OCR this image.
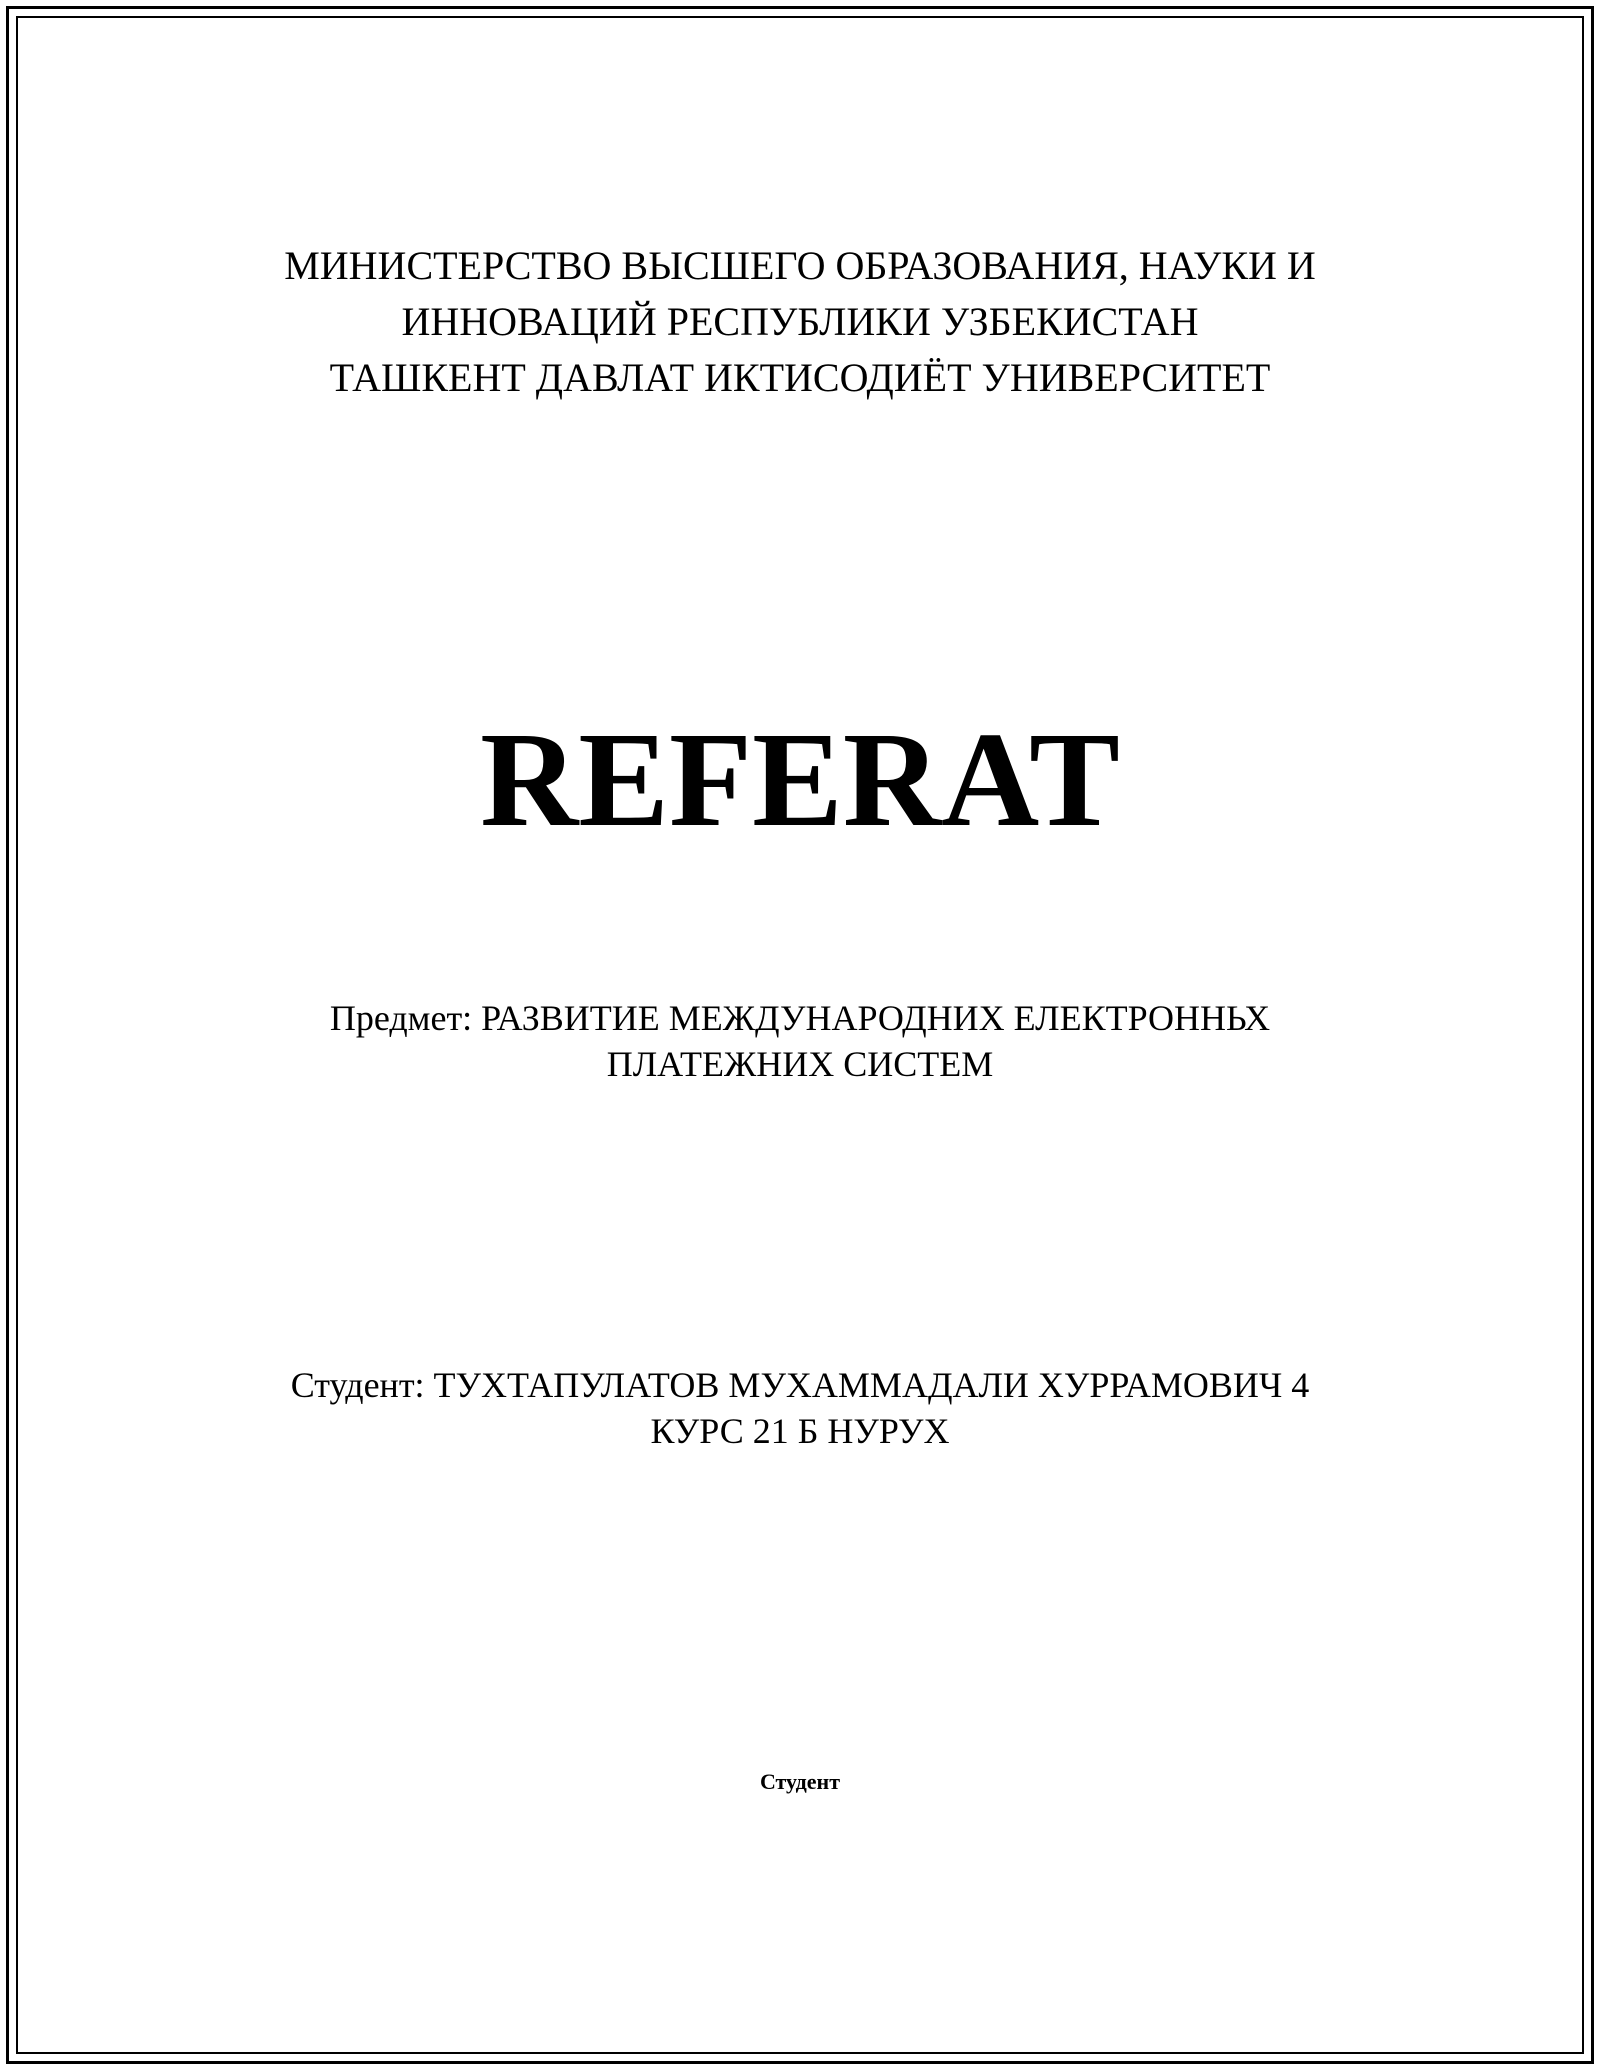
МИНИСТЕРСТВО ВЫСШЕГО ОБРАЗОВАНИЯ, НАУКИ И
ИННОВАЦИЙ РЕСПУБЛИКИ УЗБЕКИСТАН
ТАШКЕНТ ДАВЛАТ ИКТИСОДИЁТ УНИВЕРСИТЕТ
REFERAT
Предмет: РАЗВИТИЕ МЕЖДУНАРОДНИХ ЕЛЕКТРОННЬХ
ПЛАТЕЖНИХ СИСТЕМ
Студент: ТУХТАПУЛАТОВ МУХАММАДАЛИ ХУРРАМОВИЧ 4
КУРС 21 Б НУРУХ
Студент
